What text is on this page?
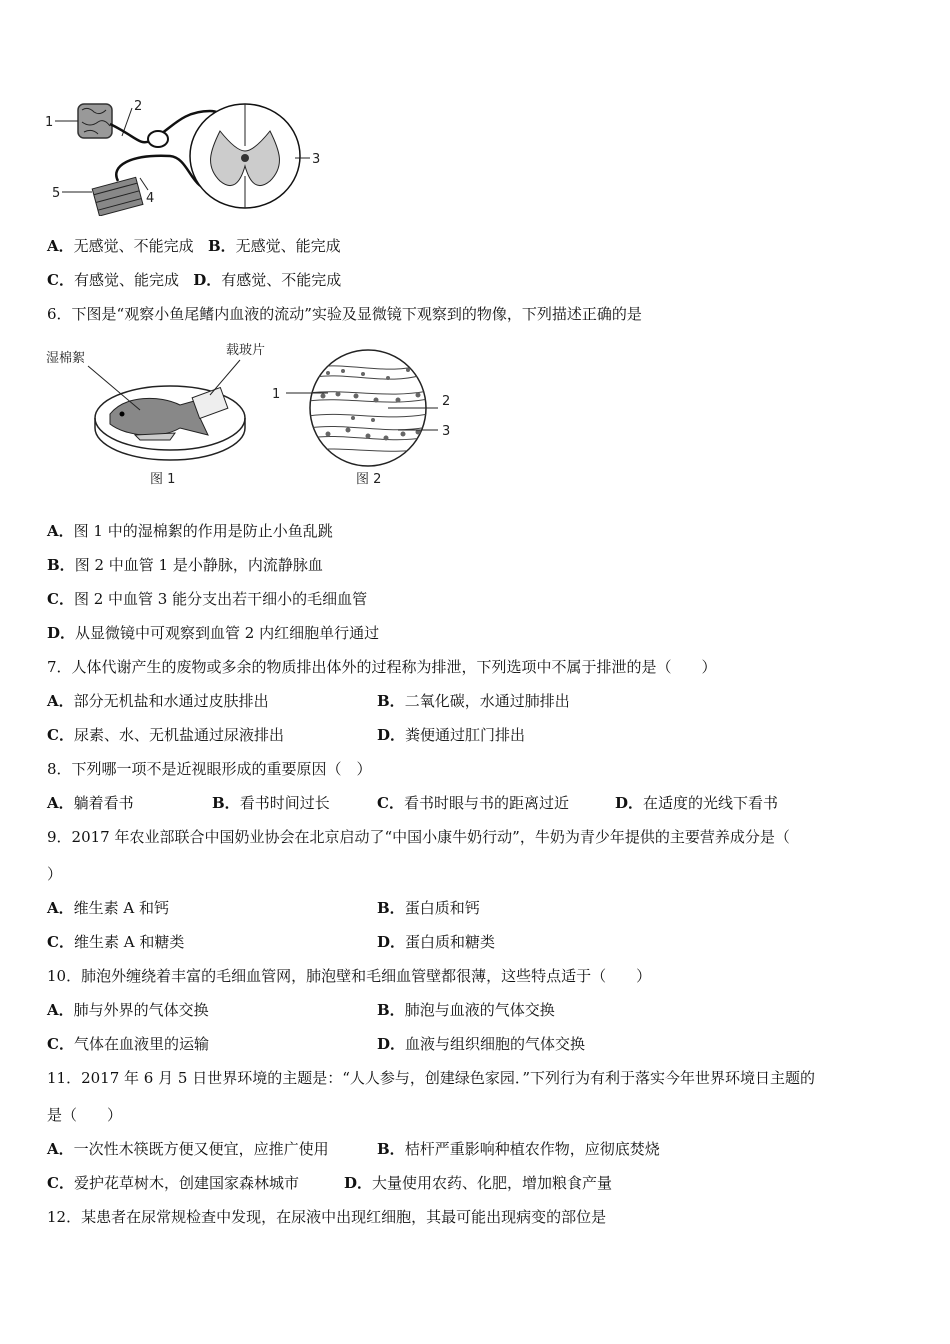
1
2
3
4
5
A．无感觉、不能完成 B．无感觉、能完成
C．有感觉、能完成 D．有感觉、不能完成
6．下图是“观察小鱼尾鳍内血液的流动”实验及显微镜下观察到的物像，下列描述正确的是
湿棉絮
载玻片
图 1
1	2
3
图 2
A．图 1 中的湿棉絮的作用是防止小鱼乱跳
B．图 2 中血管 1 是小静脉，内流静脉血
C．图 2 中血管 3 能分支出若干细小的毛细血管
D．从显微镜中可观察到血管 2 内红细胞单行通过
7．人体代谢产生的废物或多余的物质排出体外的过程称为排泄，下列选项中不属于排泄的是（　　）
A．部分无机盐和水通过皮肤排出	B．二氧化碳，水通过肺排出
C．尿素、水、无机盐通过尿液排出	D．粪便通过肛门排出
8．下列哪一项不是近视眼形成的重要原因（　）
A．躺着看书	B．看书时间过长	C．看书时眼与书的距离过近	D．在适度的光线下看书
9．2017 年农业部联合中国奶业协会在北京启动了“中国小康牛奶行动”，牛奶为青少年提供的主要营养成分是（
）
A．维生素 A 和钙	B．蛋白质和钙
C．维生素 A 和糖类	D．蛋白质和糖类
10．肺泡外缠绕着丰富的毛细血管网，肺泡壁和毛细血管壁都很薄，这些特点适于（　　）
A．肺与外界的气体交换	B．肺泡与血液的气体交换
C．气体在血液里的运输	D．血液与组织细胞的气体交换
11．2017 年 6 月 5 日世界环境的主题是：“人人参与，创建绿色家园．”下列行为有利于落实今年世界环境日主题的
是（　　）
A．一次性木筷既方便又便宜，应推广使用	B．桔杆严重影响种植农作物，应彻底焚烧
C．爱护花草树木，创建国家森林城市	D．大量使用农药、化肥，增加粮食产量
12．某患者在尿常规检查中发现，在尿液中出现红细胞，其最可能出现病变的部位是
